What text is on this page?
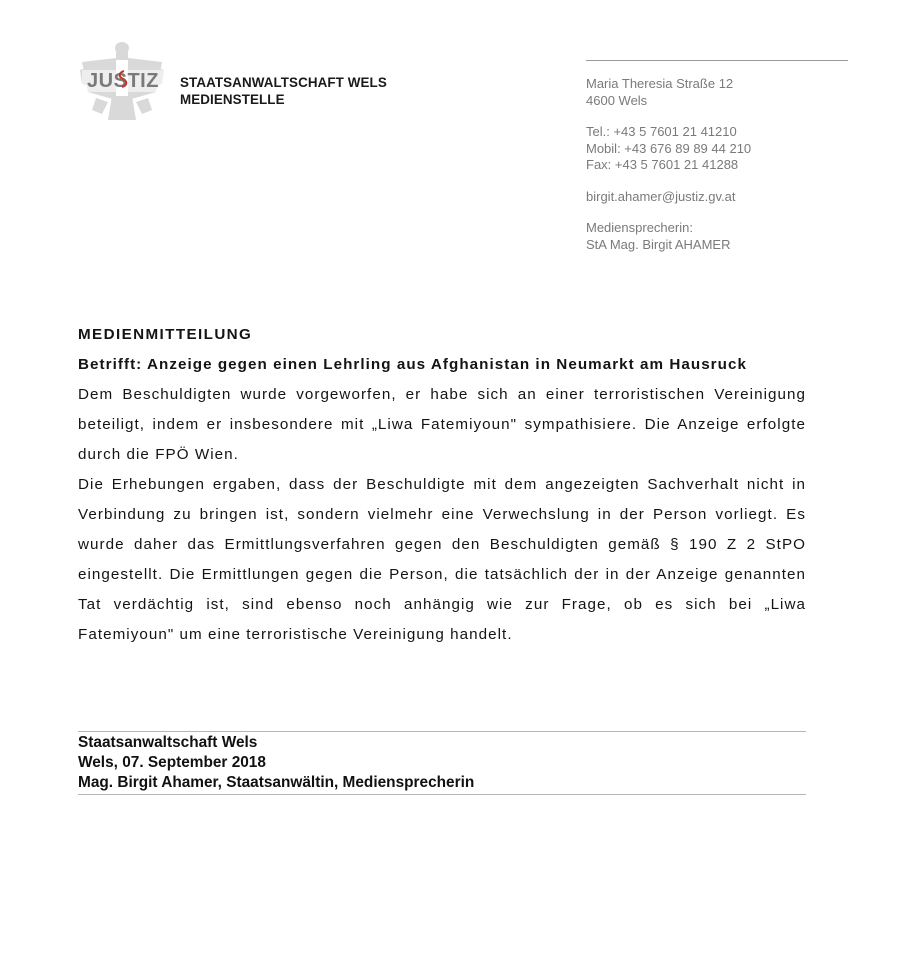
JUSTIZ STAATSANWALTSCHAFT WELS
MEDIENSTELLE
Maria Theresia Straße 12
4600 Wels
Tel.: +43 5 7601 21 41210
Mobil: +43 676 89 89 44 210
Fax: +43 5 7601 21 41288
birgit.ahamer@justiz.gv.at
Mediensprecherin:
StA Mag. Birgit AHAMER

MEDIENMITTEILUNG

Betrifft: Anzeige gegen einen Lehrling aus Afghanistan in Neumarkt am Hausruck

Dem Beschuldigten wurde vorgeworfen, er habe sich an einer terroristischen Vereinigung beteiligt, indem er insbesondere mit „Liwa Fatemiyoun" sympathisiere. Die Anzeige erfolgte durch die FPÖ Wien.

Die Erhebungen ergaben, dass der Beschuldigte mit dem angezeigten Sachverhalt nicht in Verbindung zu bringen ist, sondern vielmehr eine Verwechslung in der Person vorliegt. Es wurde daher das Ermittlungsverfahren gegen den Beschuldigten gemäß § 190 Z 2 StPO eingestellt. Die Ermittlungen gegen die Person, die tatsächlich der in der Anzeige genannten Tat verdächtig ist, sind ebenso noch anhängig wie zur Frage, ob es sich bei „Liwa Fatemiyoun" um eine terroristische Vereinigung handelt.

Staatsanwaltschaft Wels
Wels, 07. September 2018
Mag. Birgit Ahamer, Staatsanwältin, Mediensprecherin
